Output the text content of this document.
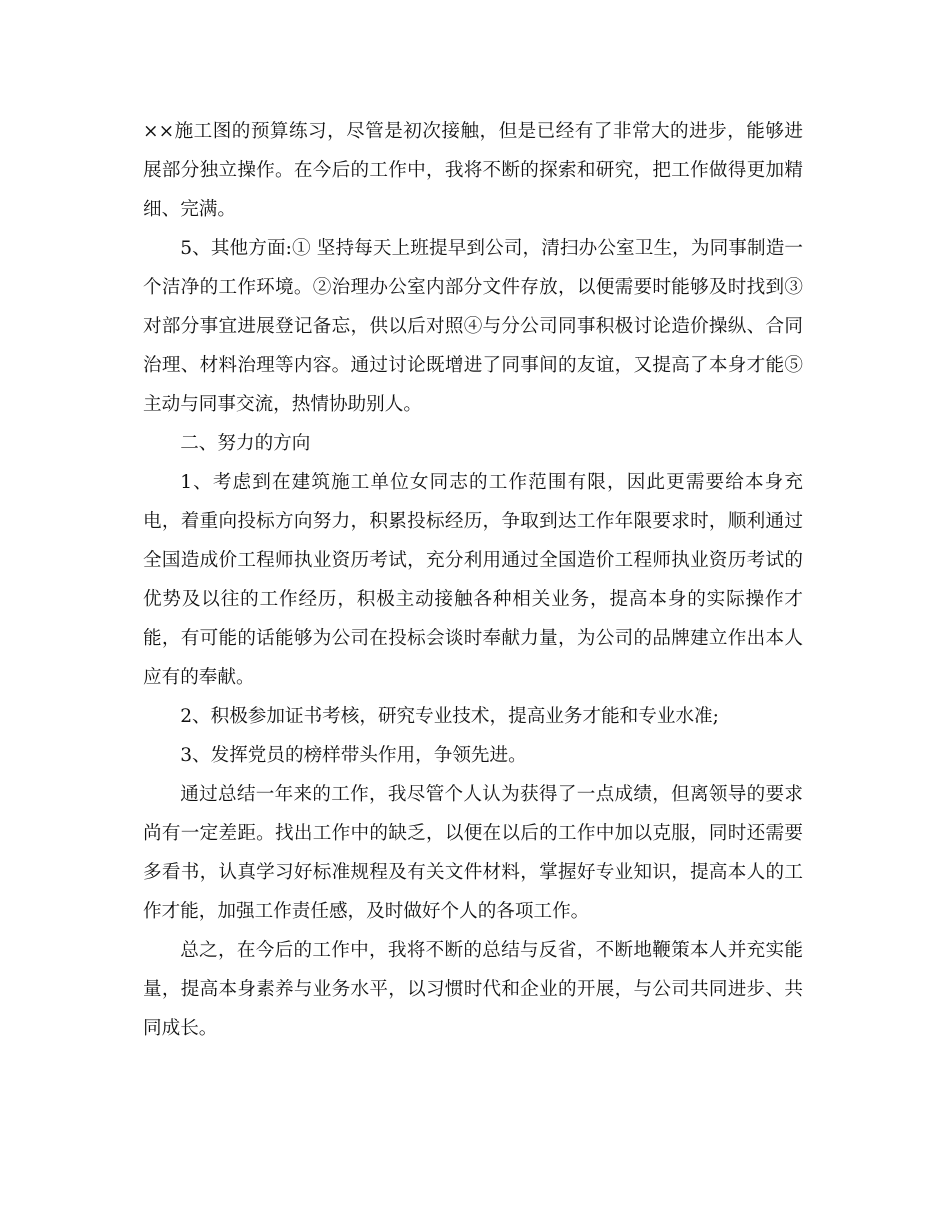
××施工图的预算练习，尽管是初次接触，但是已经有了非常大的进步，能够进展部分独立操作。在今后的工作中，我将不断的探索和研究，把工作做得更加精细、完满。

5、其他方面:① 坚持每天上班提早到公司，清扫办公室卫生，为同事制造一个洁净的工作环境。②治理办公室内部分文件存放，以便需要时能够及时找到③对部分事宜进展登记备忘，供以后对照④与分公司同事积极讨论造价操纵、合同治理、材料治理等内容。通过讨论既增进了同事间的友谊，又提高了本身才能⑤主动与同事交流，热情协助别人。

二、努力的方向

1、考虑到在建筑施工单位女同志的工作范围有限，因此更需要给本身充电，着重向投标方向努力，积累投标经历，争取到达工作年限要求时，顺利通过全国造成价工程师执业资历考试，充分利用通过全国造价工程师执业资历考试的优势及以往的工作经历，积极主动接触各种相关业务，提高本身的实际操作才能，有可能的话能够为公司在投标会谈时奉献力量，为公司的品牌建立作出本人应有的奉献。

2、积极参加证书考核，研究专业技术，提高业务才能和专业水准;

3、发挥党员的榜样带头作用，争领先进。

通过总结一年来的工作，我尽管个人认为获得了一点成绩，但离领导的要求尚有一定差距。找出工作中的缺乏，以便在以后的工作中加以克服，同时还需要多看书，认真学习好标准规程及有关文件材料，掌握好专业知识，提高本人的工作才能，加强工作责任感，及时做好个人的各项工作。

总之，在今后的工作中，我将不断的总结与反省，不断地鞭策本人并充实能量，提高本身素养与业务水平，以习惯时代和企业的开展，与公司共同进步、共同成长。
